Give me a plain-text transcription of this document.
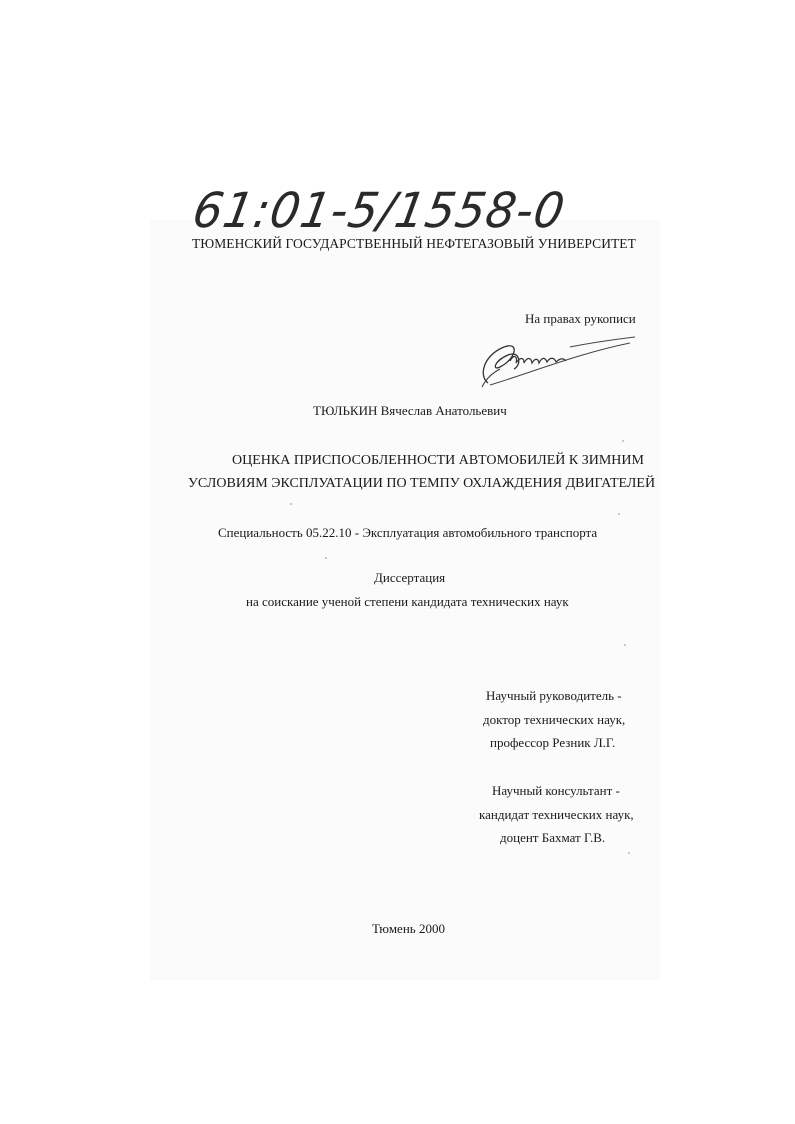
61:01-5/1558-0
ТЮМЕНСКИЙ ГОСУДАРСТВЕННЫЙ НЕФТЕГАЗОВЫЙ УНИВЕРСИТЕТ
На правах рукописи
ТЮЛЬКИН Вячеслав Анатольевич
ОЦЕНКА ПРИСПОСОБЛЕННОСТИ АВТОМОБИЛЕЙ К ЗИМНИМ
УСЛОВИЯМ ЭКСПЛУАТАЦИИ ПО ТЕМПУ ОХЛАЖДЕНИЯ ДВИГАТЕЛЕЙ
Специальность 05.22.10 - Эксплуатация автомобильного транспорта
Диссертация
на соискание ученой степени кандидата технических наук
Научный руководитель -
доктор технических наук,
профессор Резник Л.Г.
Научный консультант -
кандидат технических наук,
доцент Бахмат Г.В.
Тюмень 2000
